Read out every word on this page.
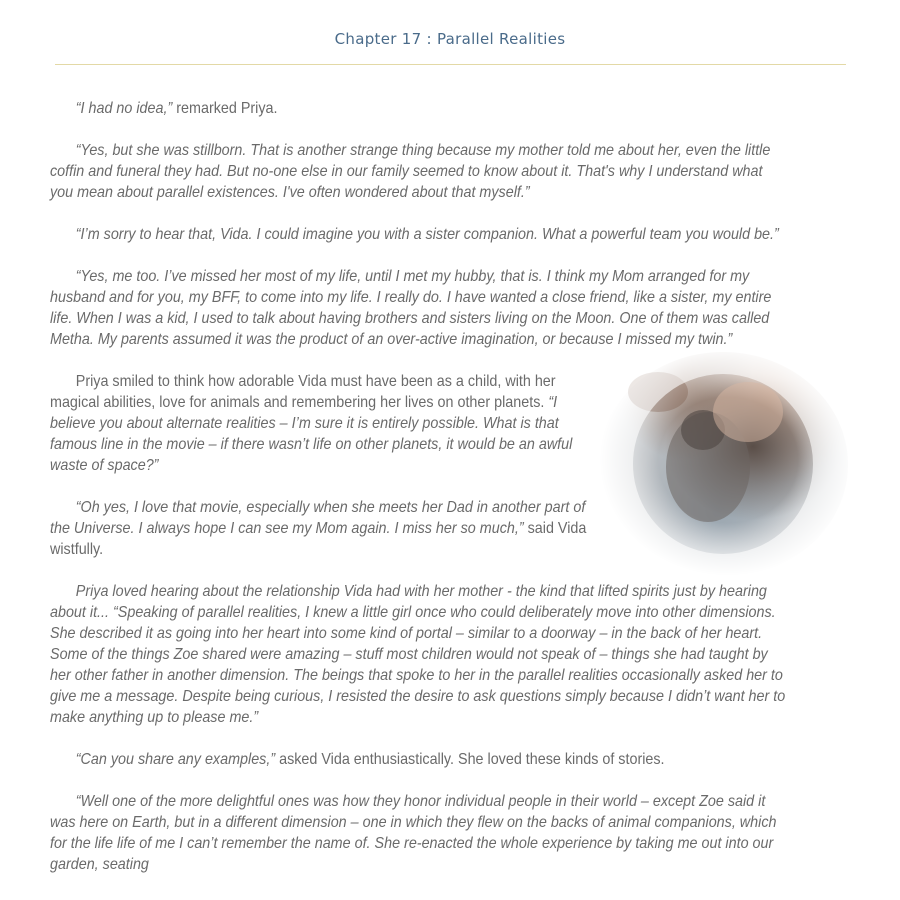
Chapter 17 : Parallel Realities

“I had no idea,” remarked Priya.

“Yes, but she was stillborn. That is another strange thing because my mother told me about her, even the little coffin and funeral they had. But no-one else in our family seemed to know about it. That's why I understand what you mean about parallel existences. I've often wondered about that myself.”

“I’m sorry to hear that, Vida. I could imagine you with a sister companion. What a powerful team you would be.”

“Yes, me too. I’ve missed her most of my life, until I met my hubby, that is. I think my Mom arranged for my husband and for you, my BFF, to come into my life. I really do. I have wanted a close friend, like a sister, my entire life. When I was a kid, I used to talk about having brothers and sisters living on the Moon. One of them was called Metha. My parents assumed it was the product of an over-active imagination, or because I missed my twin.”

Priya smiled to think how adorable Vida must have been as a child, with her magical abilities, love for animals and remembering her lives on other planets. “I believe you about alternate realities – I’m sure it is entirely possible. What is that famous line in the movie – if there wasn’t life on other planets, it would be an awful waste of space?”

“Oh yes, I love that movie, especially when she meets her Dad in another part of the Universe. I always hope I can see my Mom again. I miss her so much,” said Vida wistfully.

Priya loved hearing about the relationship Vida had with her mother - the kind that lifted spirits just by hearing about it... “Speaking of parallel realities, I knew a little girl once who could deliberately move into other dimensions. She described it as going into her heart into some kind of portal – similar to a doorway – in the back of her heart. Some of the things Zoe shared were amazing – stuff most children would not speak of – things she had taught by her other father in another dimension. The beings that spoke to her in the parallel realities occasionally asked her to give me a message. Despite being curious, I resisted the desire to ask questions simply because I didn’t want her to make anything up to please me.”

“Can you share any examples,” asked Vida enthusiastically. She loved these kinds of stories.

“Well one of the more delightful ones was how they honor individual people in their world – except Zoe said it was here on Earth, but in a different dimension – one in which they flew on the backs of animal companions, which for the life life of me I can’t remember the name of. She re-enacted the whole experience by taking me out into our garden, seating
